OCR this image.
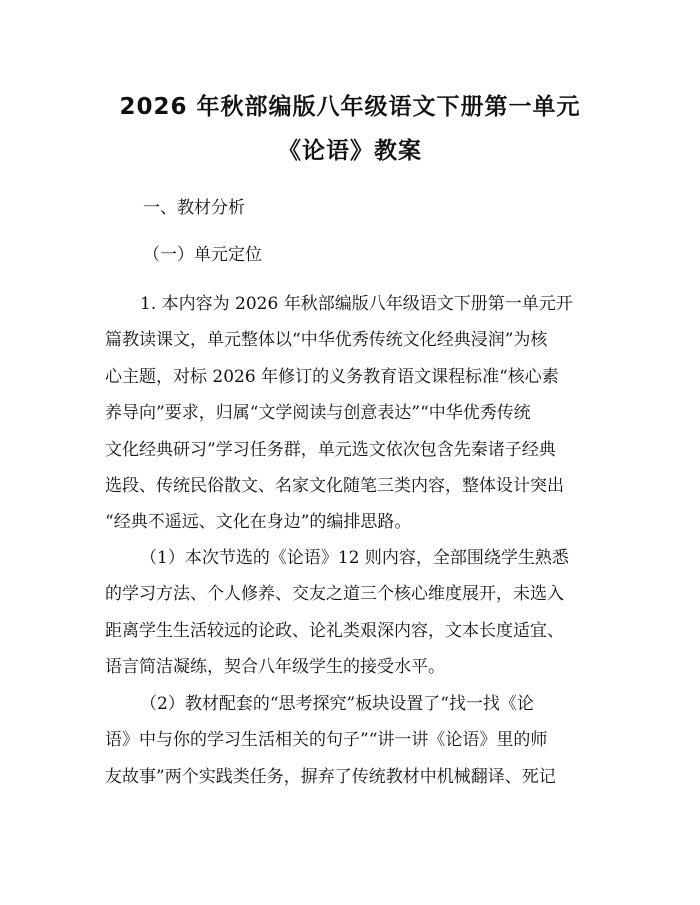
2026 年秋部编版八年级语文下册第一单元
《论语》教案
一、教材分析
（一）单元定位
1. 本内容为 2026 年秋部编版八年级语文下册第一单元开
篇教读课文，单元整体以“中华优秀传统文化经典浸润”为核
心主题，对标 2026 年修订的义务教育语文课程标准“核心素
养导向”要求，归属“文学阅读与创意表达”“中华优秀传统
文化经典研习”学习任务群，单元选文依次包含先秦诸子经典
选段、传统民俗散文、名家文化随笔三类内容，整体设计突出
“经典不遥远、文化在身边”的编排思路。
（1）本次节选的《论语》12 则内容，全部围绕学生熟悉
的学习方法、个人修养、交友之道三个核心维度展开，未选入
距离学生生活较远的论政、论礼类艰深内容，文本长度适宜、
语言简洁凝练，契合八年级学生的接受水平。
（2）教材配套的“思考探究”板块设置了“找一找《论
语》中与你的学习生活相关的句子”“讲一讲《论语》里的师
友故事”两个实践类任务，摒弃了传统教材中机械翻译、死记
